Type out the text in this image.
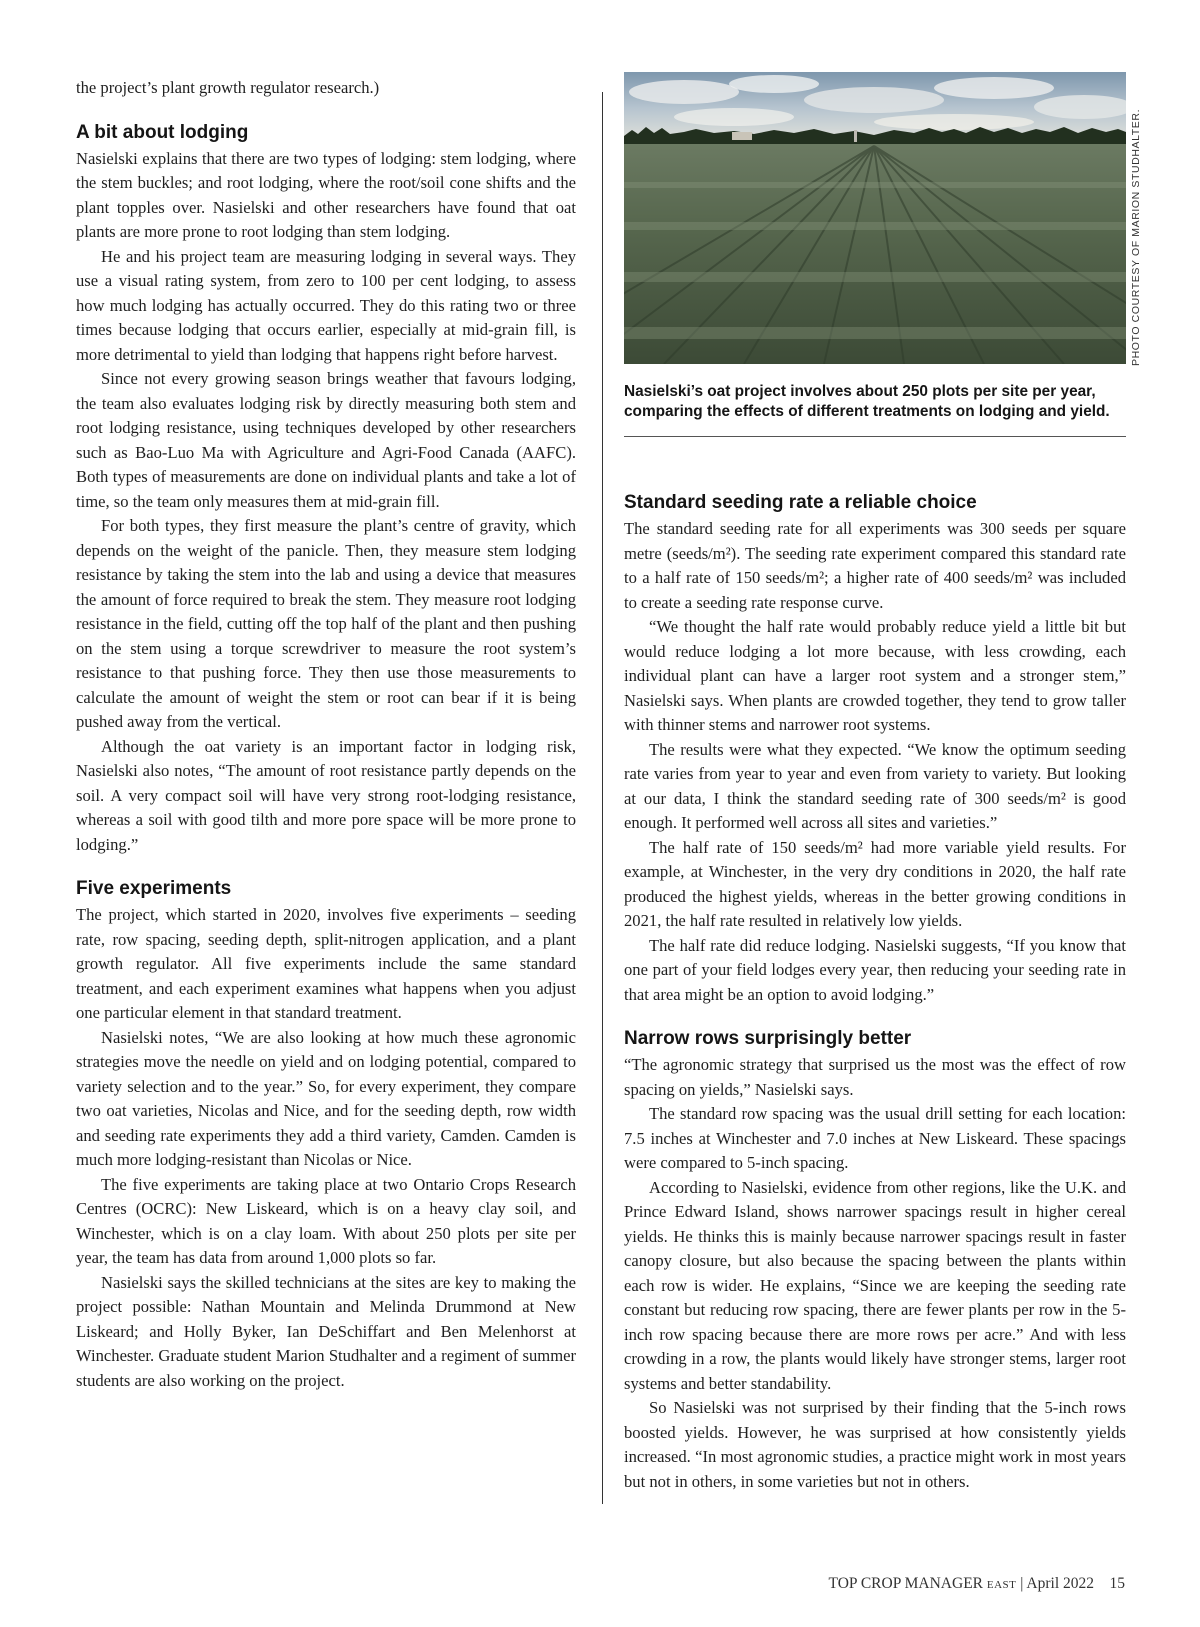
the project’s plant growth regulator research.)

A bit about lodging

Nasielski explains that there are two types of lodging: stem lodging, where the stem buckles; and root lodging, where the root/soil cone shifts and the plant topples over. Nasielski and other researchers have found that oat plants are more prone to root lodging than stem lodging.

He and his project team are measuring lodging in several ways. They use a visual rating system, from zero to 100 per cent lodging, to assess how much lodging has actually occurred. They do this rating two or three times because lodging that occurs earlier, especially at mid-grain fill, is more detrimental to yield than lodging that happens right before harvest.

Since not every growing season brings weather that favours lodging, the team also evaluates lodging risk by directly measuring both stem and root lodging resistance, using techniques developed by other researchers such as Bao-Luo Ma with Agriculture and Agri-Food Canada (AAFC). Both types of measurements are done on individual plants and take a lot of time, so the team only measures them at mid-grain fill.

For both types, they first measure the plant’s centre of gravity, which depends on the weight of the panicle. Then, they measure stem lodging resistance by taking the stem into the lab and using a device that measures the amount of force required to break the stem. They measure root lodging resistance in the field, cutting off the top half of the plant and then pushing on the stem using a torque screwdriver to measure the root system’s resistance to that pushing force. They then use those measurements to calculate the amount of weight the stem or root can bear if it is being pushed away from the vertical.

Although the oat variety is an important factor in lodging risk, Nasielski also notes, “The amount of root resistance partly depends on the soil. A very compact soil will have very strong root-lodging resistance, whereas a soil with good tilth and more pore space will be more prone to lodging.”

Five experiments

The project, which started in 2020, involves five experiments – seeding rate, row spacing, seeding depth, split-nitrogen application, and a plant growth regulator. All five experiments include the same standard treatment, and each experiment examines what happens when you adjust one particular element in that standard treatment.

Nasielski notes, “We are also looking at how much these agronomic strategies move the needle on yield and on lodging potential, compared to variety selection and to the year.” So, for every experiment, they compare two oat varieties, Nicolas and Nice, and for the seeding depth, row width and seeding rate experiments they add a third variety, Camden. Camden is much more lodging-resistant than Nicolas or Nice.

The five experiments are taking place at two Ontario Crops Research Centres (OCRC): New Liskeard, which is on a heavy clay soil, and Winchester, which is on a clay loam. With about 250 plots per site per year, the team has data from around 1,000 plots so far.

Nasielski says the skilled technicians at the sites are key to making the project possible: Nathan Mountain and Melinda Drummond at New Liskeard; and Holly Byker, Ian DeSchiffart and Ben Melenhorst at Winchester. Graduate student Marion Studhalter and a regiment of summer students are also working on the project.

Nasielski’s oat project involves about 250 plots per site per year, comparing the effects of different treatments on lodging and yield.
Standard seeding rate a reliable choice

The standard seeding rate for all experiments was 300 seeds per square metre (seeds/m²). The seeding rate experiment compared this standard rate to a half rate of 150 seeds/m²; a higher rate of 400 seeds/m² was included to create a seeding rate response curve.

“We thought the half rate would probably reduce yield a little bit but would reduce lodging a lot more because, with less crowding, each individual plant can have a larger root system and a stronger stem,” Nasielski says. When plants are crowded together, they tend to grow taller with thinner stems and narrower root systems.

The results were what they expected. “We know the optimum seeding rate varies from year to year and even from variety to variety. But looking at our data, I think the standard seeding rate of 300 seeds/m² is good enough. It performed well across all sites and varieties.”

The half rate of 150 seeds/m² had more variable yield results. For example, at Winchester, in the very dry conditions in 2020, the half rate produced the highest yields, whereas in the better growing conditions in 2021, the half rate resulted in relatively low yields.

The half rate did reduce lodging. Nasielski suggests, “If you know that one part of your field lodges every year, then reducing your seeding rate in that area might be an option to avoid lodging.”

Narrow rows surprisingly better

“The agronomic strategy that surprised us the most was the effect of row spacing on yields,” Nasielski says.

The standard row spacing was the usual drill setting for each location: 7.5 inches at Winchester and 7.0 inches at New Liskeard. These spacings were compared to 5-inch spacing.

According to Nasielski, evidence from other regions, like the U.K. and Prince Edward Island, shows narrower spacings result in higher cereal yields. He thinks this is mainly because narrower spacings result in faster canopy closure, but also because the spacing between the plants within each row is wider. He explains, “Since we are keeping the seeding rate constant but reducing row spacing, there are fewer plants per row in the 5-inch row spacing because there are more rows per acre.” And with less crowding in a row, the plants would likely have stronger stems, larger root systems and better standability.

So Nasielski was not surprised by their finding that the 5-inch rows boosted yields. However, he was surprised at how consistently yields increased. “In most agronomic studies, a practice might work in most years but not in others, in some varieties but not in others.

PHOTO COURTESY OF MARION STUDHALTER.
TOP CROP MANAGER EAST | April 2022 15
